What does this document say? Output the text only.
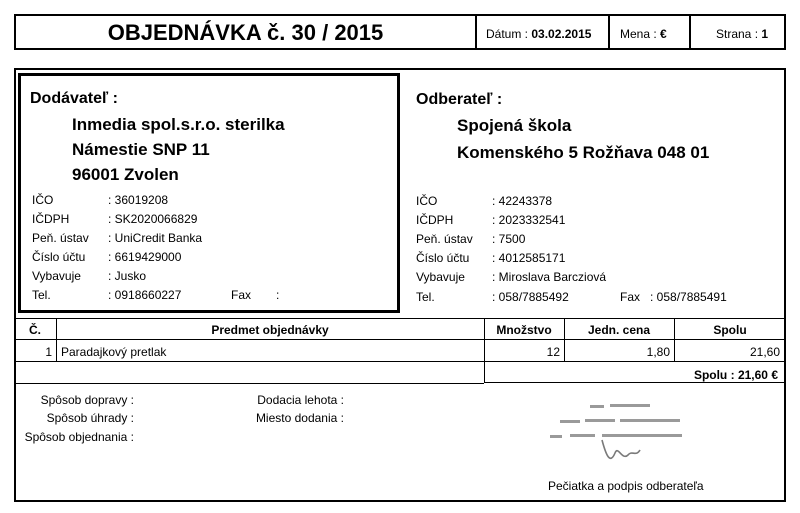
OBJEDNÁVKA č. 30 / 2015	Dátum : 03.02.2015 Mena : €	Strana : 1
Dodávateľ :
Inmedia spol.s.r.o. sterilka
Námestie SNP 11
96001 Zvolen
IČO	: 36019208
IČDPH	: SK2020066829
Peň. ústav : UniCredit Banka
Číslo účtu : 6619429000
Vybavuje : Jusko
Tel.	: 0918660227	Fax :
Odberateľ :
Spojená škola
Komenského 5 Rožňava 048 01
IČO	: 42243378
IČDPH	: 2023332541
Peň. ústav : 7500
Číslo účtu : 4012585171
Vybavuje : Miroslava Barcziová
Tel.	: 058/7885492	Fax : 058/7885491
Č.	Predmet objednávky	Množstvo	Jedn. cena	Spolu
1 Paradajkový pretlak	12	1,80	21,60
Spolu : 21,60 €
Spôsob dopravy :
Spôsob úhrady :
Spôsob objednania :
Dodacia lehota :
Miesto dodania :
Pečiatka a podpis odberateľa
